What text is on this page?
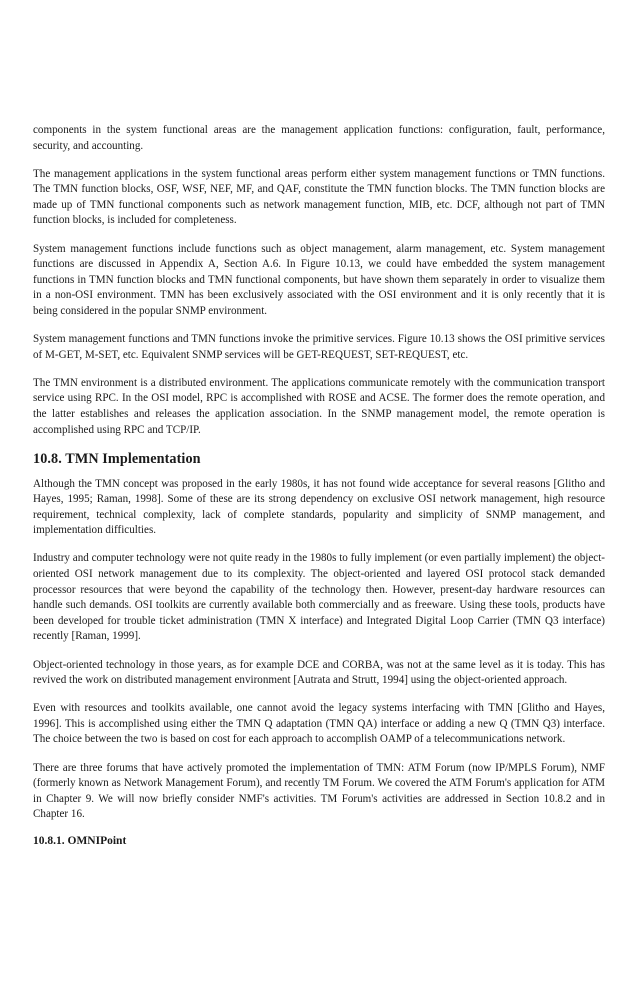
components in the system functional areas are the management application functions: configuration, fault, performance, security, and accounting.

The management applications in the system functional areas perform either system management functions or TMN functions. The TMN function blocks, OSF, WSF, NEF, MF, and QAF, constitute the TMN function blocks. The TMN function blocks are made up of TMN functional components such as network management function, MIB, etc. DCF, although not part of TMN function blocks, is included for completeness.

System management functions include functions such as object management, alarm management, etc. System management functions are discussed in Appendix A, Section A.6. In Figure 10.13, we could have embedded the system management functions in TMN function blocks and TMN functional components, but have shown them separately in order to visualize them in a non-OSI environment. TMN has been exclusively associated with the OSI environment and it is only recently that it is being considered in the popular SNMP environment.

System management functions and TMN functions invoke the primitive services. Figure 10.13 shows the OSI primitive services of M-GET, M-SET, etc. Equivalent SNMP services will be GET-REQUEST, SET-REQUEST, etc.

The TMN environment is a distributed environment. The applications communicate remotely with the communication transport service using RPC. In the OSI model, RPC is accomplished with ROSE and ACSE. The former does the remote operation, and the latter establishes and releases the application association. In the SNMP management model, the remote operation is accomplished using RPC and TCP/IP.

10.8. TMN Implementation

Although the TMN concept was proposed in the early 1980s, it has not found wide acceptance for several reasons [Glitho and Hayes, 1995; Raman, 1998]. Some of these are its strong dependency on exclusive OSI network management, high resource requirement, technical complexity, lack of complete standards, popularity and simplicity of SNMP management, and implementation difficulties.

Industry and computer technology were not quite ready in the 1980s to fully implement (or even partially implement) the object-oriented OSI network management due to its complexity. The object-oriented and layered OSI protocol stack demanded processor resources that were beyond the capability of the technology then. However, present-day hardware resources can handle such demands. OSI toolkits are currently available both commercially and as freeware. Using these tools, products have been developed for trouble ticket administration (TMN X interface) and Integrated Digital Loop Carrier (TMN Q3 interface) recently [Raman, 1999].

Object-oriented technology in those years, as for example DCE and CORBA, was not at the same level as it is today. This has revived the work on distributed management environment [Autrata and Strutt, 1994] using the object-oriented approach.

Even with resources and toolkits available, one cannot avoid the legacy systems interfacing with TMN [Glitho and Hayes, 1996]. This is accomplished using either the TMN Q adaptation (TMN QA) interface or adding a new Q (TMN Q3) interface. The choice between the two is based on cost for each approach to accomplish OAMP of a telecommunications network.

There are three forums that have actively promoted the implementation of TMN: ATM Forum (now IP/MPLS Forum), NMF (formerly known as Network Management Forum), and recently TM Forum. We covered the ATM Forum's application for ATM in Chapter 9. We will now briefly consider NMF's activities. TM Forum's activities are addressed in Section 10.8.2 and in Chapter 16.

10.8.1. OMNIPoint
